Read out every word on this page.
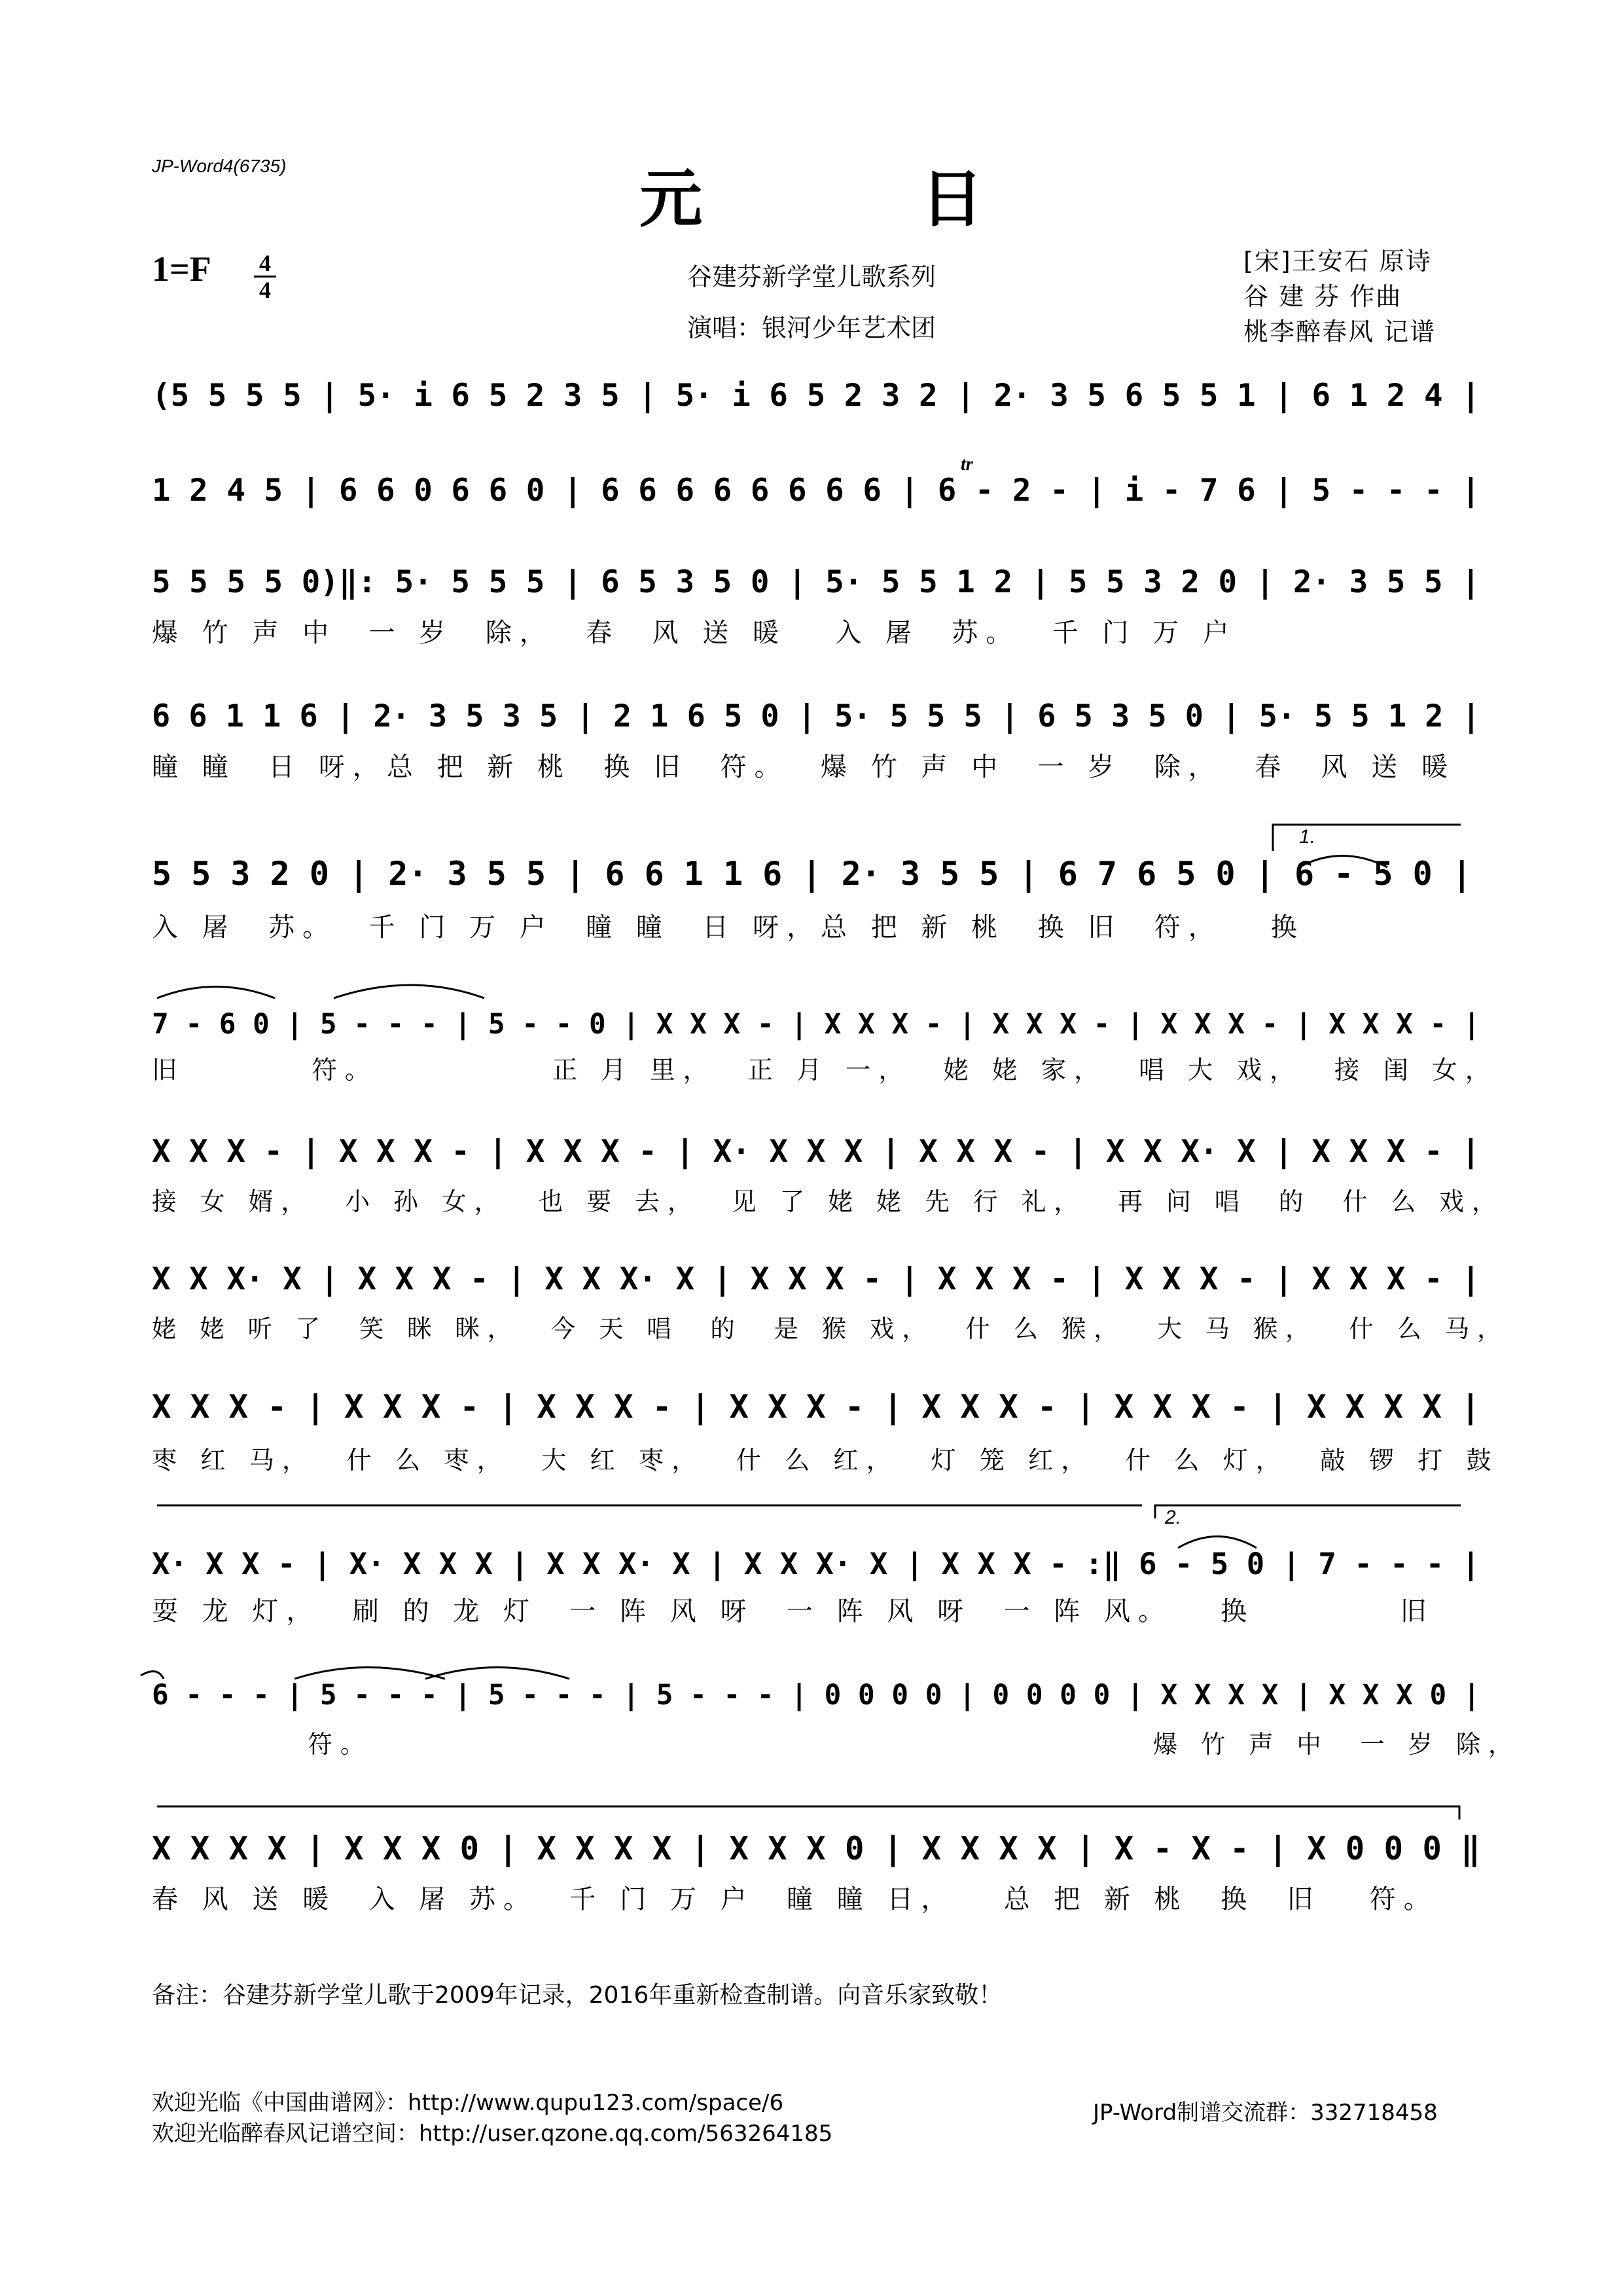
JP-Word4(6735)	元 日
1=F 4
4	谷建芬新学堂儿歌系列
演唱：银河少年艺术团
[宋]王安石 原诗
谷 建 芬 作曲
桃李醉春风 记谱
(5 5 5 5 | 5· i 6 5 2 3 5 | 5· i 6 5 2 3 2 | 2· 3 5 6 5 5 1 | 6 1 2 4 |
1 2 4 5 | 6 6 0 6 6 0 | 6 6 6 6 6 6 6 6 | 6 - 2 - | i - 7 6 | 5 - - - |
5 5 5 5 0)‖: 5· 5 5 5 | 6 5 3 5 0 | 5· 5 5 1 2 | 5 5 3 2 0 | 2· 3 5 5 |
爆 竹 声 中  一 岁  除，  春  风 送 暖   入 屠  苏。  千 门 万 户
6 6 1 1 6 | 2· 3 5 3 5 | 2 1 6 5 0 | 5· 5 5 5 | 6 5 3 5 0 | 5· 5 5 1 2 |
瞳 瞳  日 呀，总 把 新 桃  换 旧  符。  爆 竹 声 中  一 岁  除，  春  风 送 暖
5 5 3 2 0 | 2· 3 5 5 | 6 6 1 1 6 | 2· 3 5 5 | 6 7 6 5 0 | 6 - 5 0 |
入 屠  苏。  千 门 万 户  瞳 瞳  日 呀，总 把 新 桃  换 旧  符，   换
7 - 6 0 | 5 - - - | 5 - - 0 | X X X - | X X X - | X X X - | X X X - | X X X - |
旧        符。           正 月 里，  正 月 一，  姥 姥 家，  唱 大 戏，  接 闺 女，
X X X - | X X X - | X X X - | X· X X X | X X X - | X X X· X | X X X - |
接 女 婿，  小 孙 女，  也 要 去，  见 了 姥 姥 先 行 礼，  再 问 唱  的  什 么 戏，
X X X· X | X X X - | X X X· X | X X X - | X X X - | X X X - | X X X - |
姥 姥 听 了  笑 眯 眯，  今 天 唱  的  是 猴 戏，  什 么 猴，  大 马 猴，  什 么 马，
X X X - | X X X - | X X X - | X X X - | X X X - | X X X - | X X X X |
枣 红 马，  什 么 枣，  大 红 枣，  什 么 红，  灯 笼 红，  什 么 灯，  敲 锣 打 鼓
X· X X - | X· X X X | X X X· X | X X X· X | X X X - :‖ 6 - 5 0 | 7 - - - |
耍 龙 灯，  刷 的 龙 灯  一 阵 风 呀  一 阵 风 呀  一 阵 风。   换         旧
6 - - - | 5 - - - | 5 - - - | 5 - - - | 0 0 0 0 | 0 0 0 0 | X X X X | X X X 0 |
符。                                                  爆 竹 声 中  一 岁 除，
X X X X | X X X 0 | X X X X | X X X 0 | X X X X | X - X - | X 0 0 0 ‖
春 风 送 暖  入 屠 苏。  千 门 万 户  瞳 瞳 日，   总 把 新 桃  换  旧   符。
1.
2.
tr
备注：谷建芬新学堂儿歌于2009年记录，2016年重新检查制谱。向音乐家致敬！
欢迎光临《中国曲谱网》：http://www.qupu123.com/space/6
欢迎光临醉春风记谱空间：http://user.qzone.qq.com/563264185
JP-Word制谱交流群：332718458
